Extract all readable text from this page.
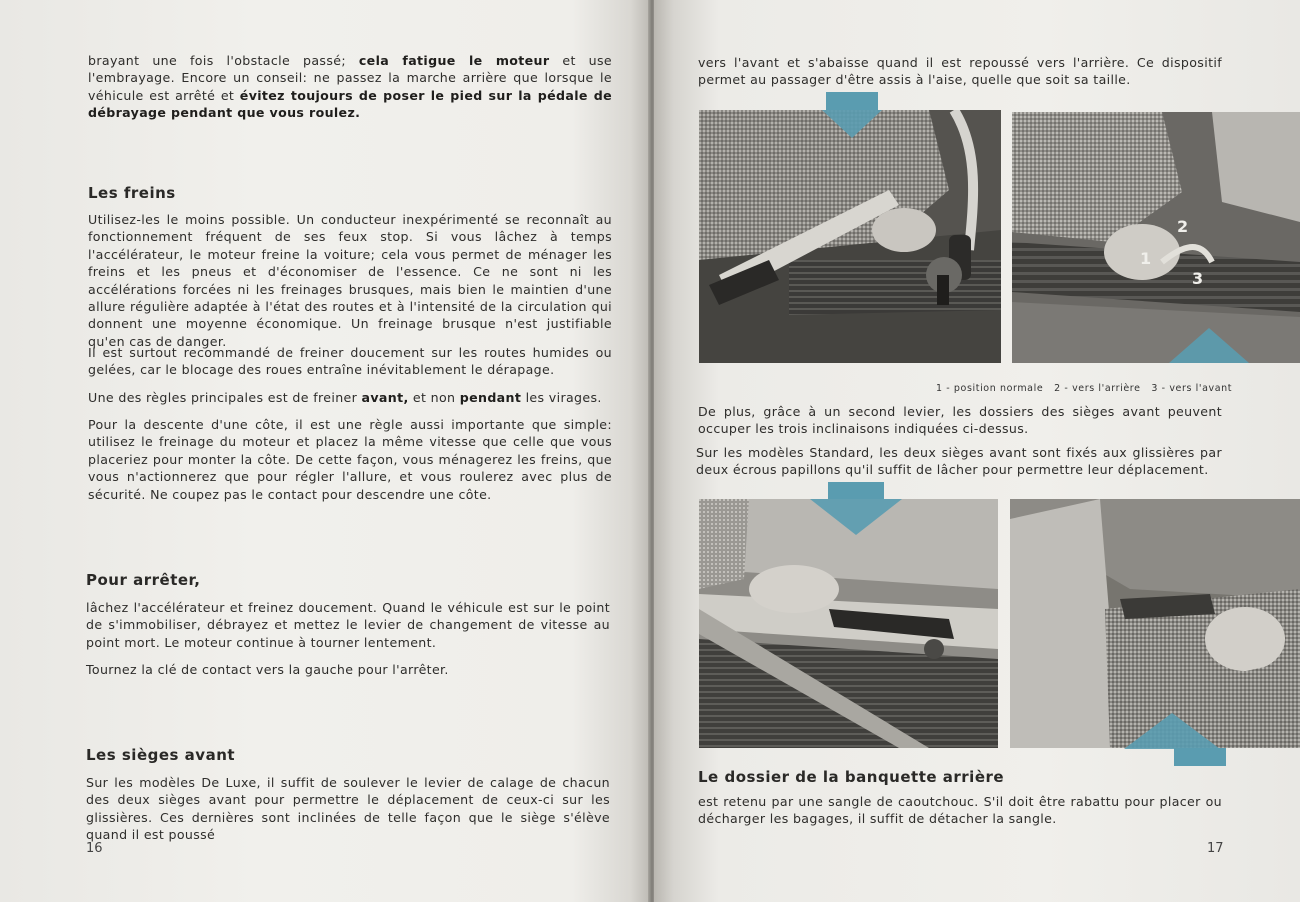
brayant une fois l'obstacle passé; cela fatigue le moteur et use l'embrayage. Encore un conseil: ne passez la marche arrière que lorsque le véhicule est arrêté et évitez toujours de poser le pied sur la pédale de débrayage pendant que vous roulez.

Les freins

Utilisez-les le moins possible. Un conducteur inexpérimenté se reconnaît au fonctionnement fréquent de ses feux stop. Si vous lâchez à temps l'accélérateur, le moteur freine la voiture; cela vous permet de ménager les freins et les pneus et d'économiser de l'essence. Ce ne sont ni les accélérations forcées ni les freinages brusques, mais bien le maintien d'une allure régulière adaptée à l'état des routes et à l'intensité de la circulation qui donnent une moyenne économique. Un freinage brusque n'est justifiable qu'en cas de danger.

Il est surtout recommandé de freiner doucement sur les routes humides ou gelées, car le blocage des roues entraîne inévitablement le dérapage.

Une des règles principales est de freiner avant, et non pendant les virages.

Pour la descente d'une côte, il est une règle aussi importante que simple: utilisez le freinage du moteur et placez la même vitesse que celle que vous placeriez pour monter la côte. De cette façon, vous ménagerez les freins, que vous n'actionnerez que pour régler l'allure, et vous roulerez avec plus de sécurité. Ne coupez pas le contact pour descendre une côte.

Pour arrêter,

lâchez l'accélérateur et freinez doucement. Quand le véhicule est sur le point de s'immobiliser, débrayez et mettez le levier de changement de vitesse au point mort. Le moteur continue à tourner lentement.

Tournez la clé de contact vers la gauche pour l'arrêter.

Les sièges avant

Sur les modèles De Luxe, il suffit de soulever le levier de calage de chacun des deux sièges avant pour permettre le déplacement de ceux-ci sur les glissières. Ces dernières sont inclinées de telle façon que le siège s'élève quand il est poussé

16

vers l'avant et s'abaisse quand il est repoussé vers l'arrière. Ce dispositif permet au passager d'être assis à l'aise, quelle que soit sa taille.

1
2
3
1 - position normale   2 - vers l'arrière   3 - vers l'avant

De plus, grâce à un second levier, les dossiers des sièges avant peuvent occuper les trois inclinaisons indiquées ci-dessus.

Sur les modèles Standard, les deux sièges avant sont fixés aux glissières par deux écrous papillons qu'il suffit de lâcher pour permettre leur déplacement.

Le dossier de la banquette arrière

est retenu par une sangle de caoutchouc. S'il doit être rabattu pour placer ou décharger les bagages, il suffit de détacher la sangle.

17
